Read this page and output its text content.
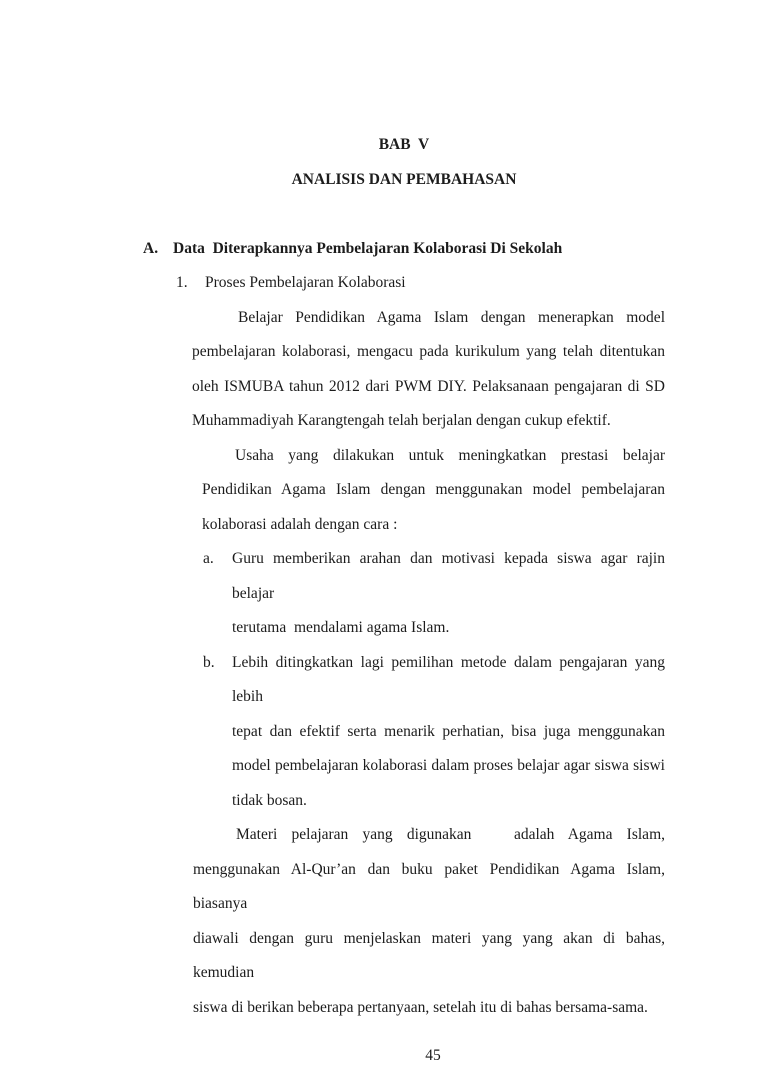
BAB  V
ANALISIS DAN PEMBAHASAN
A. Data  Diterapkannya Pembelajaran Kolaborasi Di Sekolah
1.	Proses Pembelajaran Kolaborasi
Belajar Pendidikan Agama Islam dengan menerapkan model
pembelajaran kolaborasi, mengacu pada kurikulum yang telah ditentukan
oleh ISMUBA tahun 2012 dari PWM DIY. Pelaksanaan pengajaran di SD
Muhammadiyah Karangtengah telah berjalan dengan cukup efektif.
Usaha yang dilakukan untuk meningkatkan prestasi belajar
Pendidikan Agama Islam dengan menggunakan model pembelajaran
kolaborasi adalah dengan cara :
a.	Guru memberikan arahan dan motivasi kepada siswa agar rajin belajar
terutama  mendalami agama Islam.
b.	Lebih ditingkatkan lagi pemilihan metode dalam pengajaran yang lebih
tepat dan efektif serta menarik perhatian, bisa juga menggunakan
model pembelajaran kolaborasi dalam proses belajar agar siswa siswi
tidak bosan.
Materi pelajaran yang digunakan   adalah Agama Islam,
menggunakan Al-Qur’an dan buku paket Pendidikan Agama Islam, biasanya
diawali dengan guru menjelaskan materi yang yang akan di bahas, kemudian
siswa di berikan beberapa pertanyaan, setelah itu di bahas bersama-sama.
45
